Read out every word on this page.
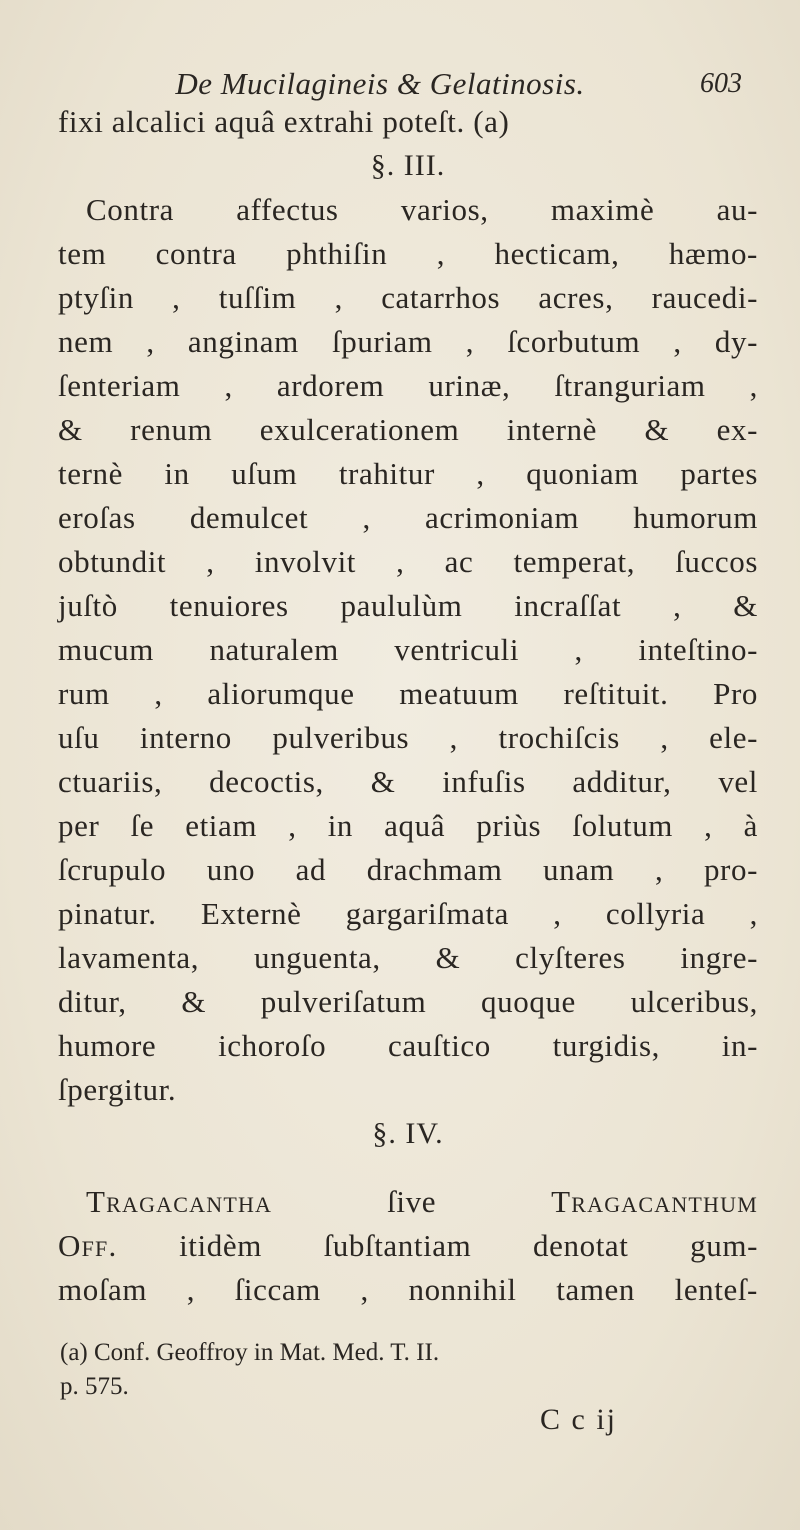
De Mucilagineis & Gelatinosis.	603
fixi alcalici aquâ extrahi poteſt. (a)
§. III.
Contra affectus varios, maximè au-
tem contra phthiſin , hecticam, hæmo-
ptyſin , tuſſim , catarrhos acres, raucedi-
nem , anginam ſpuriam , ſcorbutum , dy-
ſenteriam , ardorem urinæ, ſtranguriam ,
& renum exulcerationem internè & ex-
ternè in uſum trahitur , quoniam partes
eroſas demulcet , acrimoniam humorum
obtundit , involvit , ac temperat, ſuccos
juſtò tenuiores paululùm incraſſat , &
mucum naturalem ventriculi , inteſtino-
rum , aliorumque meatuum reſtituit. Pro
uſu interno pulveribus , trochiſcis , ele-
ctuariis, decoctis, & infuſis additur, vel
per ſe etiam , in aquâ priùs ſolutum , à
ſcrupulo uno ad drachmam unam , pro-
pinatur. Externè gargariſmata , collyria ,
lavamenta, unguenta, & clyſteres ingre-
ditur, & pulveriſatum quoque ulceribus,
humore ichoroſo cauſtico turgidis, in-
ſpergitur.
§. IV.
Tragacantha	ſive	Tragacanthum
Off. itidèm ſubſtantiam denotat gum-
moſam , ſiccam , nonnihil tamen lenteſ-
(a) Conf. Geoffroy in Mat. Med. T. II.
p. 575.
C c ij
